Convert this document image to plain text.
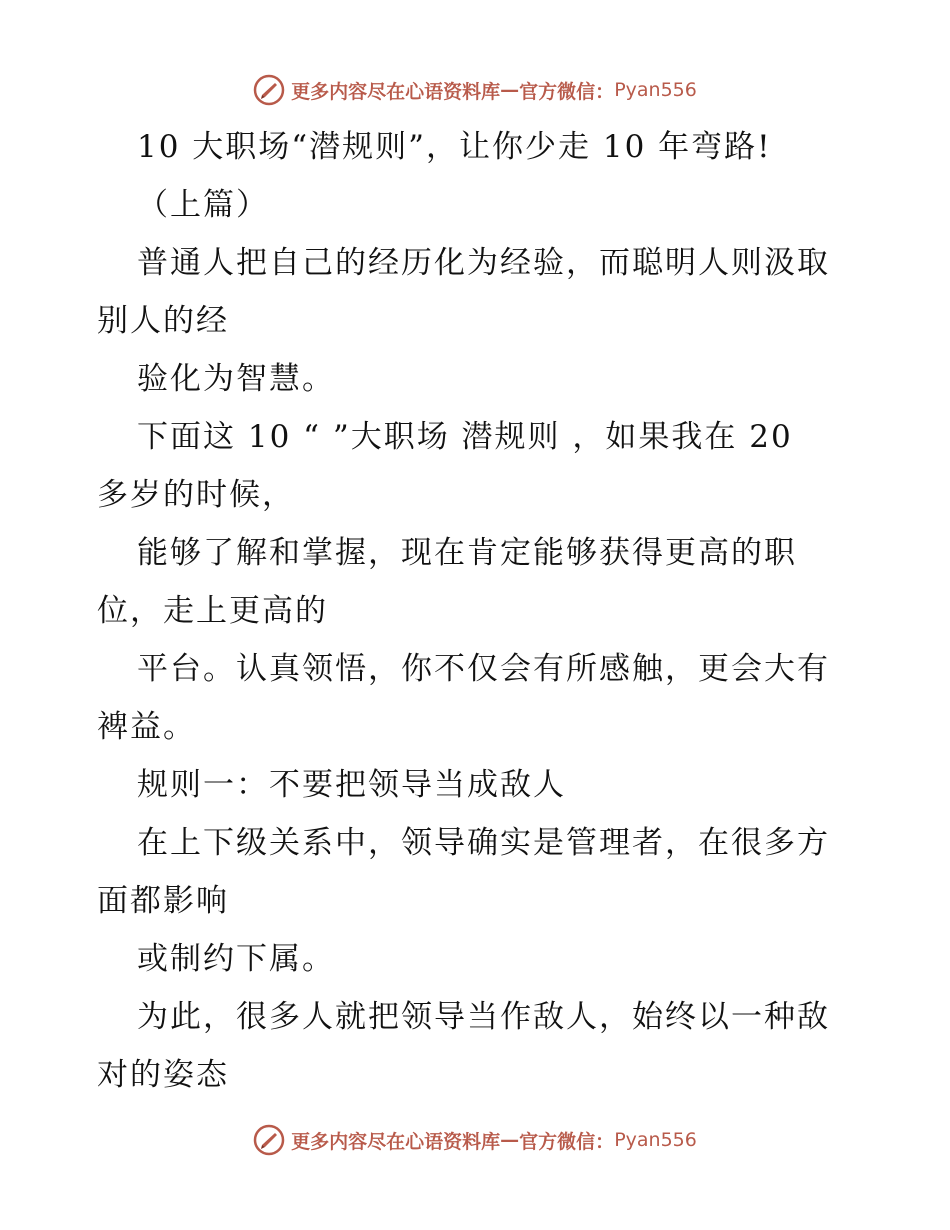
更多内容尽在心语资料库 — 官方微信： Pyan556
10 大职场“潜规则”，让你少走 10 年弯路!
（上篇）
普通人把自己的经历化为经验，而聪明人则汲取
别人的经
验化为智慧。
下面这 10 “ ”大职场 潜规则 ，如果我在 20
多岁的时候，
能够了解和掌握，现在肯定能够获得更高的职
位，走上更高的
平台。认真领悟，你不仅会有所感触，更会大有
裨益。
规则一：不要把领导当成敌人
在上下级关系中，领导确实是管理者，在很多方
面都影响
或制约下属。
为此，很多人就把领导当作敌人，始终以一种敌
对的姿态
更多内容尽在心语资料库 — 官方微信： Pyan556
